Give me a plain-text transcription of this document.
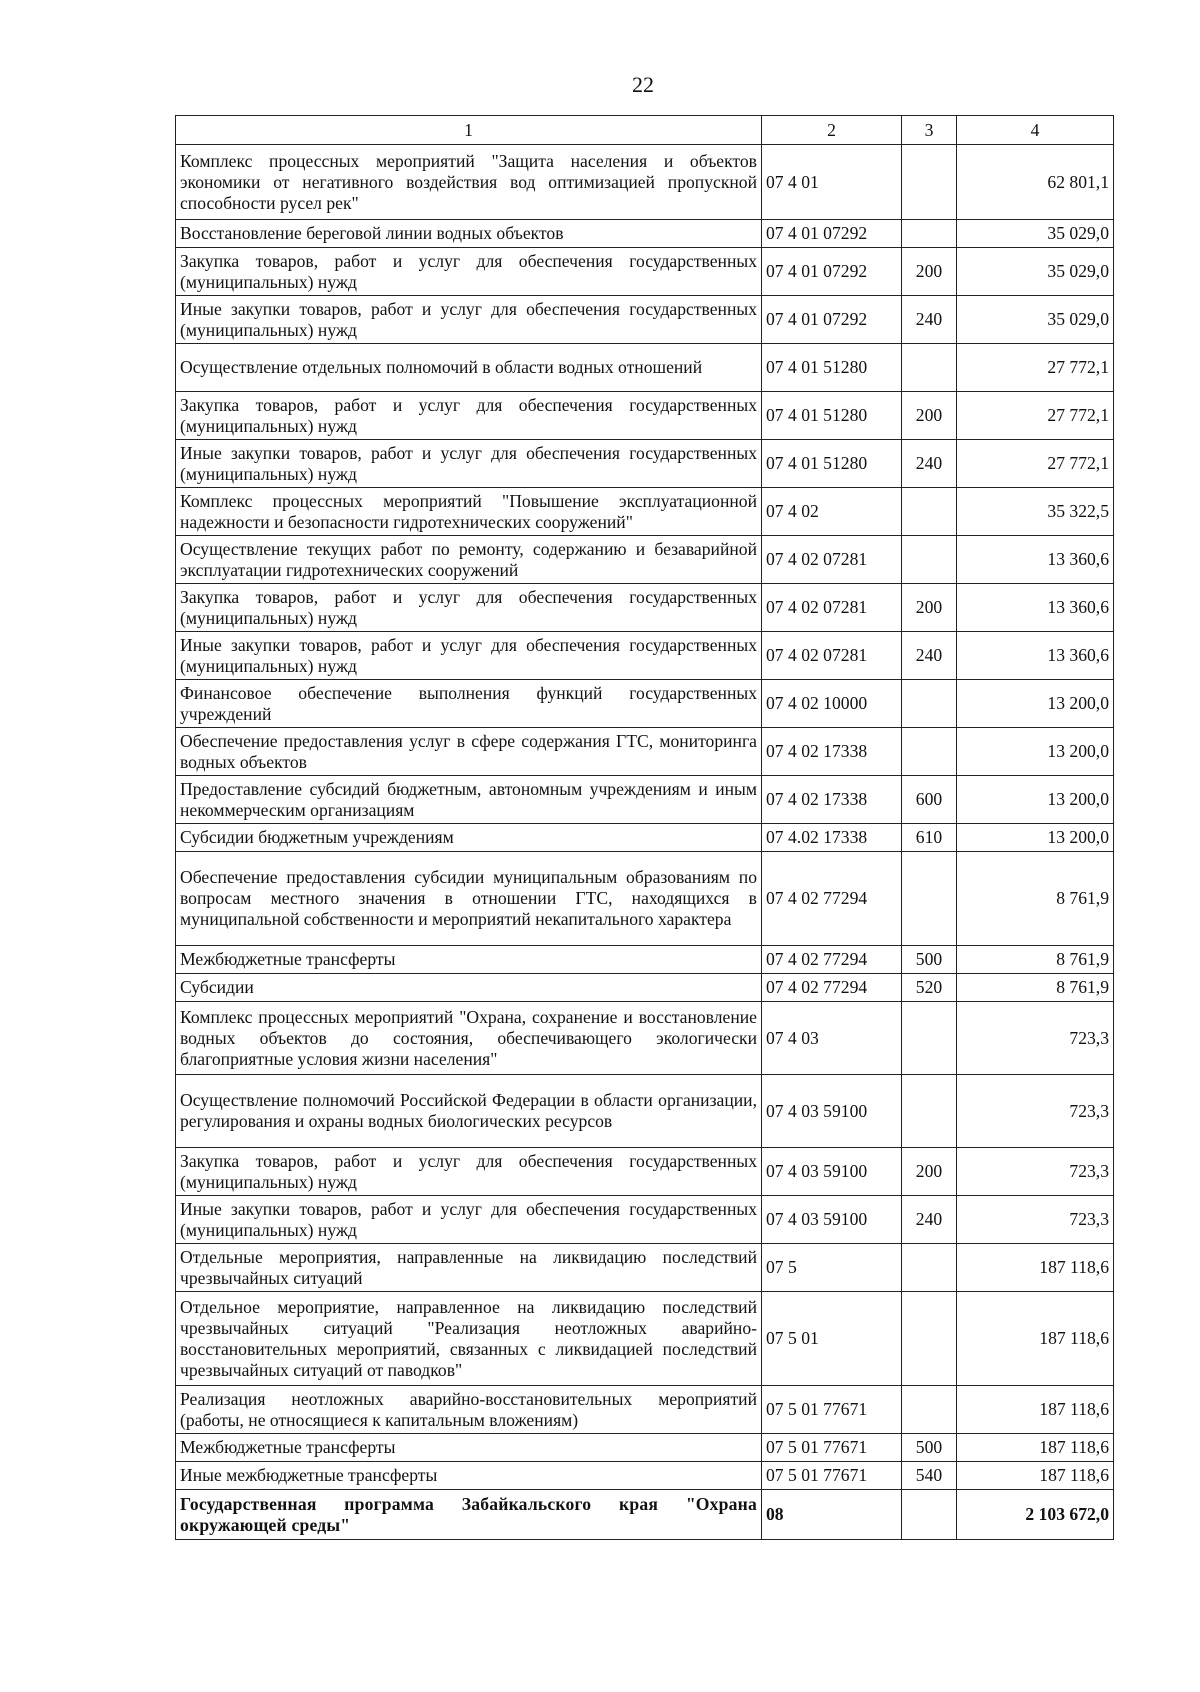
22
1	2	3	4
Комплекс процессных мероприятий "Защита населения и объектов экономики от негативного воздействия вод оптимизацией пропускной способности русел рек"	07 4 01		62 801,1
Восстановление береговой линии водных объектов	07 4 01 07292		35 029,0
Закупка товаров, работ и услуг для обеспечения государственных (муниципальных) нужд	07 4 01 07292	200	35 029,0
Иные закупки товаров, работ и услуг для обеспечения государственных (муниципальных) нужд	07 4 01 07292	240	35 029,0
Осуществление отдельных полномочий в области водных отношений	07 4 01 51280		27 772,1
Закупка товаров, работ и услуг для обеспечения государственных (муниципальных) нужд	07 4 01 51280	200	27 772,1
Иные закупки товаров, работ и услуг для обеспечения государственных (муниципальных) нужд	07 4 01 51280	240	27 772,1
Комплекс процессных мероприятий "Повышение эксплуатационной надежности и безопасности гидротехнических сооружений"	07 4 02		35 322,5
Осуществление текущих работ по ремонту, содержанию и безаварийной эксплуатации гидротехнических сооружений	07 4 02 07281		13 360,6
Закупка товаров, работ и услуг для обеспечения государственных (муниципальных) нужд	07 4 02 07281	200	13 360,6
Иные закупки товаров, работ и услуг для обеспечения государственных (муниципальных) нужд	07 4 02 07281	240	13 360,6
Финансовое обеспечение выполнения функций государственных учреждений	07 4 02 10000		13 200,0
Обеспечение предоставления услуг в сфере содержания ГТС, мониторинга водных объектов	07 4 02 17338		13 200,0
Предоставление субсидий бюджетным, автономным учреждениям и иным некоммерческим организациям	07 4 02 17338	600	13 200,0
Субсидии бюджетным учреждениям	07 4.02 17338	610	13 200,0
Обеспечение предоставления субсидии муниципальным образованиям по вопросам местного значения в отношении ГТС, находящихся в муниципальной собственности и мероприятий некапитального характера	07 4 02 77294		8 761,9
Межбюджетные трансферты	07 4 02 77294	500	8 761,9
Субсидии	07 4 02 77294	520	8 761,9
Комплекс процессных мероприятий "Охрана, сохранение и восстановление водных объектов до состояния, обеспечивающего экологически благоприятные условия жизни населения"	07 4 03		723,3
Осуществление полномочий Российской Федерации в области организации, регулирования и охраны водных биологических ресурсов	07 4 03 59100		723,3
Закупка товаров, работ и услуг для обеспечения государственных (муниципальных) нужд	07 4 03 59100	200	723,3
Иные закупки товаров, работ и услуг для обеспечения государственных (муниципальных) нужд	07 4 03 59100	240	723,3
Отдельные мероприятия, направленные на ликвидацию последствий чрезвычайных ситуаций	07 5		187 118,6
Отдельное мероприятие, направленное на ликвидацию последствий чрезвычайных ситуаций "Реализация неотложных аварийно-восстановительных мероприятий, связанных с ликвидацией последствий чрезвычайных ситуаций от паводков"	07 5 01		187 118,6
Реализация неотложных аварийно-восстановительных мероприятий (работы, не относящиеся к капитальным вложениям)	07 5 01 77671		187 118,6
Межбюджетные трансферты	07 5 01 77671	500	187 118,6
Иные межбюджетные трансферты	07 5 01 77671	540	187 118,6
Государственная программа Забайкальского края "Охрана окружающей среды"	08		2 103 672,0
